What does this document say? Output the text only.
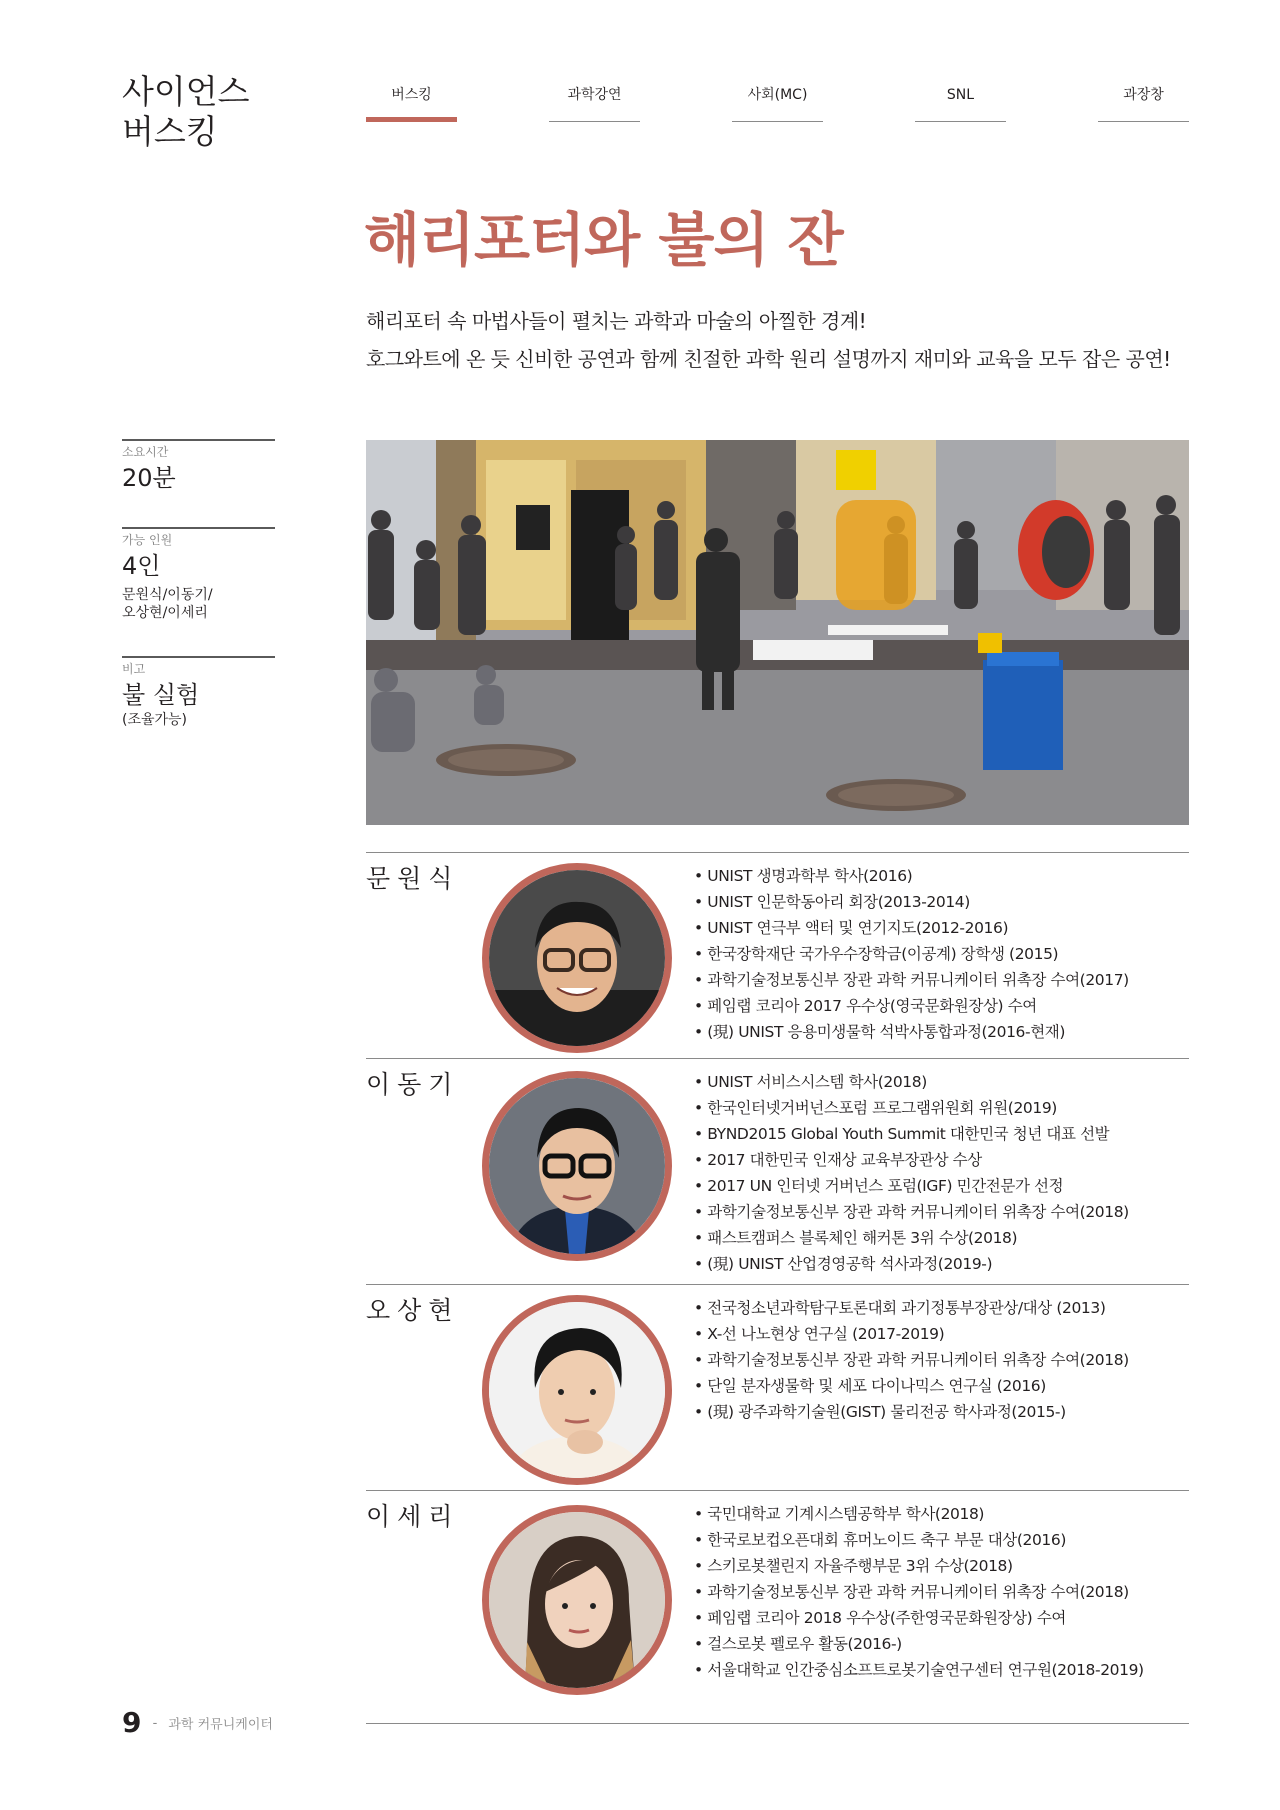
사이언스
버스킹
버스킹	과학강연	사회(MC)	SNL	과장창
해리포터와 불의 잔
해리포터 속 마법사들이 펼치는 과학과 마술의 아찔한 경계!
호그와트에 온 듯 신비한 공연과 함께 친절한 과학 원리 설명까지 재미와 교육을 모두 잡은 공연!
소요시간
20분
가능 인원
4인
문원식/이동기/
오상현/이세리
비고
불 실험
(조율가능)
문원식	• UNIST 생명과학부 학사(2016)
• UNIST 인문학동아리 회장(2013-2014)
• UNIST 연극부 액터 및 연기지도(2012-2016)
• 한국장학재단 국가우수장학금(이공계) 장학생 (2015)
• 과학기술정보통신부 장관 과학 커뮤니케이터 위촉장 수여(2017)
• 페임랩 코리아 2017 우수상(영국문화원장상) 수여
• (現) UNIST 응용미생물학 석박사통합과정(2016-현재)
이동기	• UNIST 서비스시스템 학사(2018)
• 한국인터넷거버넌스포럼 프로그램위원회 위원(2019)
• BYND2015 Global Youth Summit 대한민국 청년 대표 선발
• 2017 대한민국 인재상 교육부장관상 수상
• 2017 UN 인터넷 거버넌스 포럼(IGF) 민간전문가 선정
• 과학기술정보통신부 장관 과학 커뮤니케이터 위촉장 수여(2018)
• 패스트캠퍼스 블록체인 해커톤 3위 수상(2018)
• (現) UNIST 산업경영공학 석사과정(2019-)
오상현	• 전국청소년과학탐구토론대회 과기정통부장관상/대상 (2013)
• X-선 나노현상 연구실 (2017-2019)
• 과학기술정보통신부 장관 과학 커뮤니케이터 위촉장 수여(2018)
• 단일 분자생물학 및 세포 다이나믹스 연구실 (2016)
• (現) 광주과학기술원(GIST) 물리전공 학사과정(2015-)
이세리	• 국민대학교 기계시스템공학부 학사(2018)
• 한국로보컵오픈대회 휴머노이드 축구 부문 대상(2016)
• 스키로봇챌린지 자율주행부문 3위 수상(2018)
• 과학기술정보통신부 장관 과학 커뮤니케이터 위촉장 수여(2018)
• 페임랩 코리아 2018 우수상(주한영국문화원장상) 수여
• 걸스로봇 펠로우 활동(2016-)
• 서울대학교 인간중심소프트로봇기술연구센터 연구원(2018-2019)
9 - 과학 커뮤니케이터
